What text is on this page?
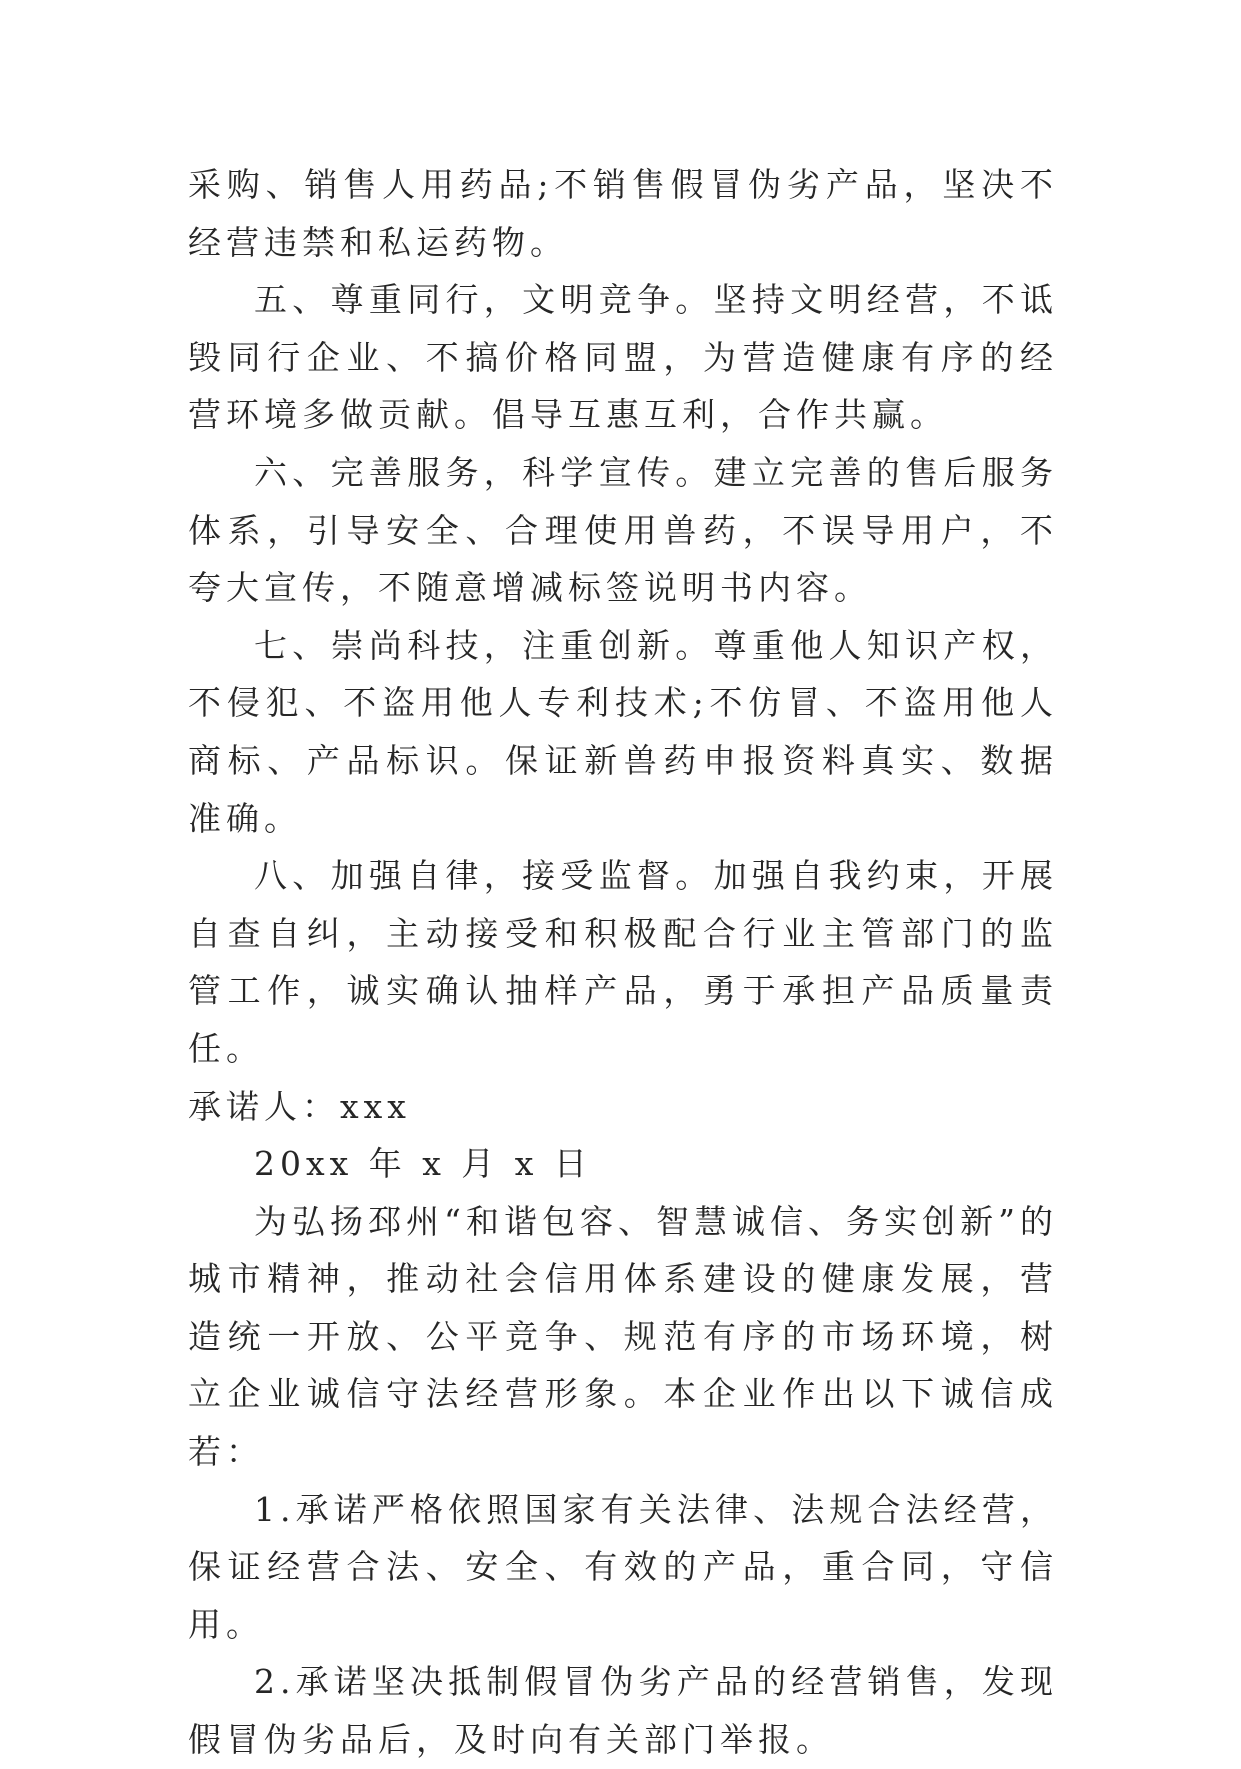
采购、销售人用药品;不销售假冒伪劣产品，坚决不经营违禁和私运药物。

五、尊重同行，文明竞争。坚持文明经营，不诋毁同行企业、不搞价格同盟，为营造健康有序的经营环境多做贡献。倡导互惠互利，合作共赢。

六、完善服务，科学宣传。建立完善的售后服务体系，引导安全、合理使用兽药，不误导用户，不夸大宣传，不随意增减标签说明书内容。

七、崇尚科技，注重创新。尊重他人知识产权，不侵犯、不盗用他人专利技术;不仿冒、不盗用他人商标、产品标识。保证新兽药申报资料真实、数据准确。

八、加强自律，接受监督。加强自我约束，开展自查自纠，主动接受和积极配合行业主管部门的监管工作，诚实确认抽样产品，勇于承担产品质量责任。

承诺人：xxx

20xx 年 x 月 x 日

为弘扬邳州“和谐包容、智慧诚信、务实创新”的城市精神，推动社会信用体系建设的健康发展，营造统一开放、公平竞争、规范有序的市场环境，树立企业诚信守法经营形象。本企业作出以下诚信成若：

1.承诺严格依照国家有关法律、法规合法经营，保证经营合法、安全、有效的产品，重合同，守信用。

2.承诺坚决抵制假冒伪劣产品的经营销售，发现假冒伪劣品后，及时向有关部门举报。
